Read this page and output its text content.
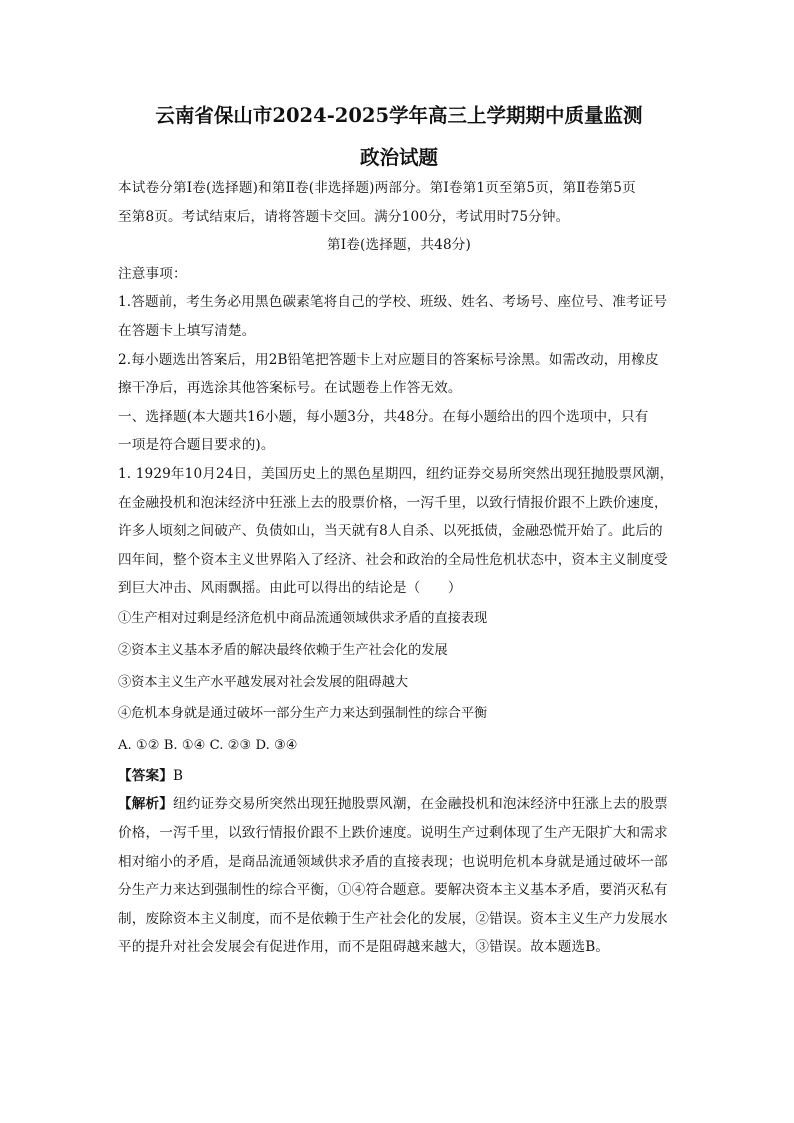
云南省保山市2024-2025学年高三上学期期中质量监测
政治试题
本试卷分第Ⅰ卷(选择题)和第Ⅱ卷(非选择题)两部分。第Ⅰ卷第1页至第5页，第Ⅱ卷第5页
至第8页。考试结束后，请将答题卡交回。满分100分，考试用时75分钟。
第Ⅰ卷(选择题，共48分)
注意事项：
1.答题前，考生务必用黑色碳素笔将自己的学校、班级、姓名、考场号、座位号、准考证号
在答题卡上填写清楚。
2.每小题选出答案后，用2B铅笔把答题卡上对应题目的答案标号涂黑。如需改动，用橡皮
擦干净后，再选涂其他答案标号。在试题卷上作答无效。
一、选择题(本大题共16小题，每小题3分，共48分。在每小题给出的四个选项中，只有
一项是符合题目要求的)。
1. 1929年10月24日，美国历史上的黑色星期四，纽约证券交易所突然出现狂抛股票风潮，
在金融投机和泡沫经济中狂涨上去的股票价格，一泻千里，以致行情报价跟不上跌价速度，
许多人顷刻之间破产、负债如山，当天就有8人自杀、以死抵债，金融恐慌开始了。此后的
四年间，整个资本主义世界陷入了经济、社会和政治的全局性危机状态中，资本主义制度受
到巨大冲击、风雨飘摇。由此可以得出的结论是（　　）
①生产相对过剩是经济危机中商品流通领域供求矛盾的直接表现
②资本主义基本矛盾的解决最终依赖于生产社会化的发展
③资本主义生产水平越发展对社会发展的阻碍越大
④危机本身就是通过破坏一部分生产力来达到强制性的综合平衡
A. ①② B. ①④ C. ②③ D. ③④
【答案】B
【解析】纽约证券交易所突然出现狂抛股票风潮，在金融投机和泡沫经济中狂涨上去的股票
价格，一泻千里，以致行情报价跟不上跌价速度。说明生产过剩体现了生产无限扩大和需求
相对缩小的矛盾，是商品流通领域供求矛盾的直接表现；也说明危机本身就是通过破坏一部
分生产力来达到强制性的综合平衡，①④符合题意。要解决资本主义基本矛盾，要消灭私有
制，废除资本主义制度，而不是依赖于生产社会化的发展，②错误。资本主义生产力发展水
平的提升对社会发展会有促进作用，而不是阻碍越来越大，③错误。故本题选B。
